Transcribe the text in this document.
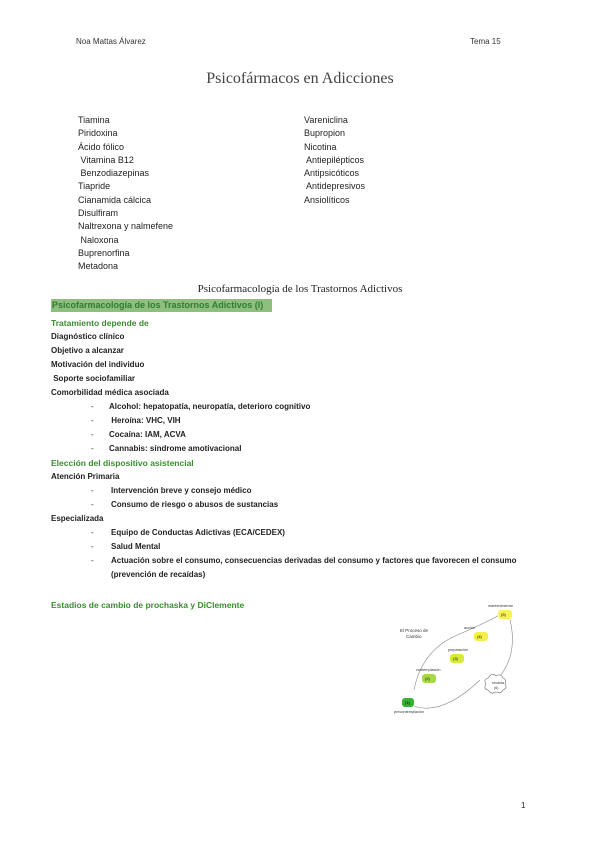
Noa Mattas Álvarez	Tema 15
Psicofármacos en Adicciones
Tiamina
Piridoxina
Ácido fólico
Vitamina B12
Benzodiazepinas
Tiapride
Cianamida cálcica
Disulfiram
Naltrexona y nalmefene
Naloxona
Buprenorfina
Metadona
Vareniclina
Bupropion
Nicotina
Antiepilépticos
Antipsicóticos
Antidepresivos
Ansiolíticos
Psicofarmacología de los Trastornos Adictivos
Psicofarmacología de los Trastornos Adictivos (I)
Tratamiento depende de
Diagnóstico clínico
Objetivo a alcanzar
Motivación del individuo
Soporte sociofamiliar
Comorbilidad médica asociada
- Alcohol: hepatopatía, neuropatía, deterioro cognitivo
- Heroína: VHC, VIH
- Cocaína: IAM, ACVA
- Cannabis: síndrome amotivacional
Elección del dispositivo asistencial
Atención Primaria
- Intervención breve y consejo médico
- Consumo de riesgo o abusos de sustancias
Especializada
- Equipo de Conductas Adictivas (ECA/CEDEX)
- Salud Mental
- Actuación sobre el consumo, consecuencias derivadas del consumo y factores que favorecen el consumo
(prevención de recaídas)
Estadios de cambio de prochaska y DiClemente
El Proceso de
Cambio
(1)
precontemplación
(2)
contemplación
(3)
preparación
(4)
acción
(5)
mantenimiento
recaída
(6)
1
